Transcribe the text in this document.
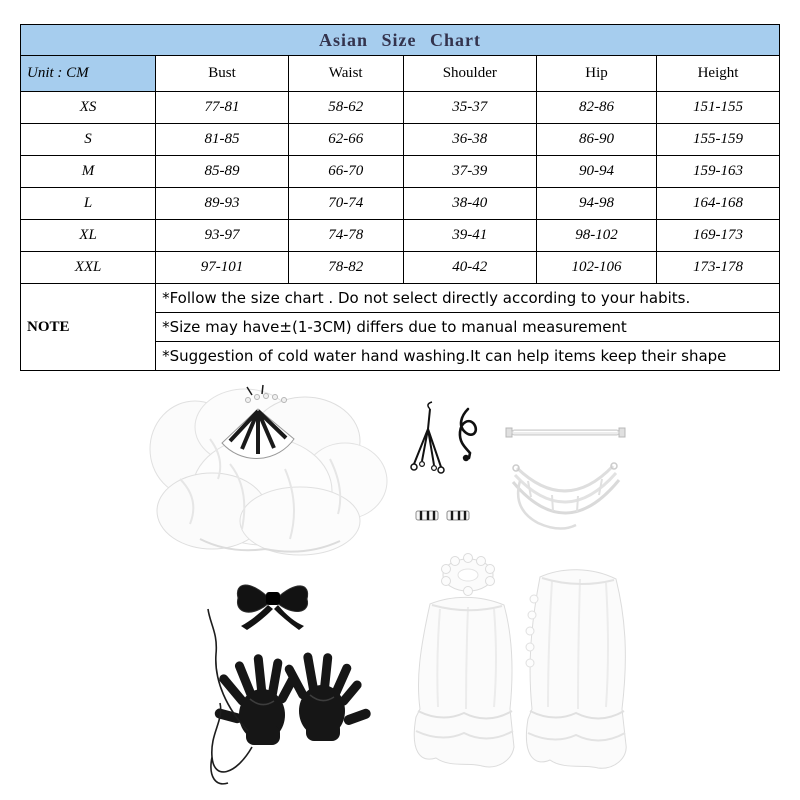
Asian Size Chart
Unit : CM	Bust	Waist	Shoulder	Hip	Height
XS	77-81	58-62	35-37	82-86	151-155
S	81-85	62-66	36-38	86-90	155-159
M	85-89	66-70	37-39	90-94	159-163
L	89-93	70-74	38-40	94-98	164-168
XL	93-97	74-78	39-41	98-102	169-173
XXL	97-101	78-82	40-42	102-106	173-178
NOTE	*Follow the size chart . Do not select directly according to your habits.				
	*Size may have±(1-3CM) differs due to manual measurement				
	*Suggestion of cold water hand washing.It can help items keep their shape				
